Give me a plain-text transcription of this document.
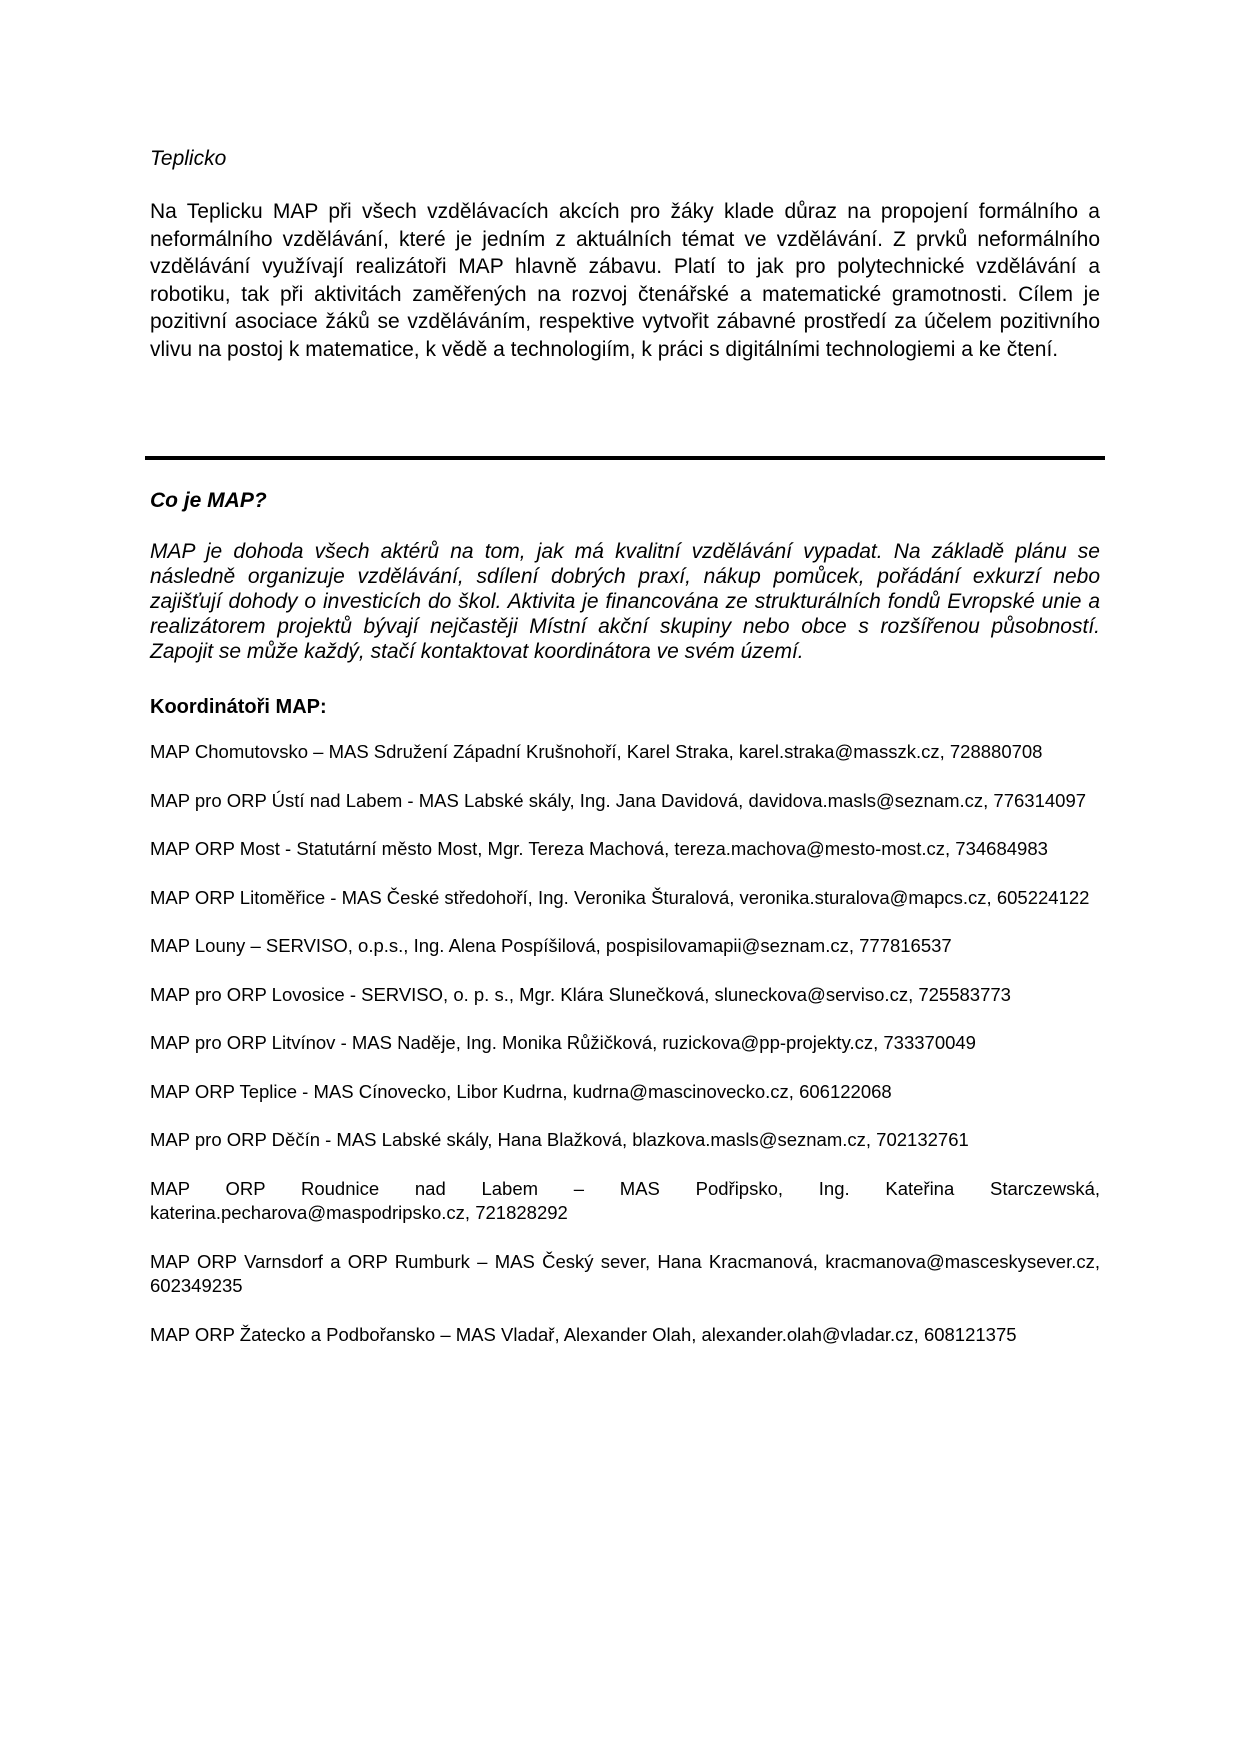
Teplicko

Na Teplicku MAP při všech vzdělávacích akcích pro žáky klade důraz na propojení formálního a neformálního vzdělávání, které je jedním z aktuálních témat ve vzdělávání. Z prvků neformálního vzdělávání využívají realizátoři MAP hlavně zábavu. Platí to jak pro polytechnické vzdělávání a robotiku, tak při aktivitách zaměřených na rozvoj čtenářské a matematické gramotnosti. Cílem je pozitivní asociace žáků se vzděláváním, respektive vytvořit zábavné prostředí za účelem pozitivního vlivu na postoj k matematice, k vědě a technologiím, k práci s digitálními technologiemi a ke čtení.

Co je MAP?

MAP je dohoda všech aktérů na tom, jak má kvalitní vzdělávání vypadat. Na základě plánu se následně organizuje vzdělávání, sdílení dobrých praxí, nákup pomůcek, pořádání exkurzí nebo zajišťují dohody o investicích do škol. Aktivita je financována ze strukturálních fondů Evropské unie a realizátorem projektů bývají nejčastěji Místní akční skupiny nebo obce s rozšířenou působností. Zapojit se může každý, stačí kontaktovat koordinátora ve svém území.

Koordinátoři MAP:

MAP Chomutovsko – MAS Sdružení Západní Krušnohoří, Karel Straka, karel.straka@masszk.cz, 728880708
MAP pro ORP Ústí nad Labem - MAS Labské skály, Ing. Jana Davidová, davidova.masls@seznam.cz, 776314097
MAP ORP Most - Statutární město Most, Mgr. Tereza Machová, tereza.machova@mesto-most.cz, 734684983
MAP ORP Litoměřice - MAS České středohoří, Ing. Veronika Šturalová, veronika.sturalova@mapcs.cz, 605224122
MAP Louny – SERVISO, o.p.s., Ing. Alena Pospíšilová, pospisilovamapii@seznam.cz, 777816537
MAP pro ORP Lovosice - SERVISO, o. p. s., Mgr. Klára Slunečková, sluneckova@serviso.cz, 725583773
MAP pro ORP Litvínov - MAS Naděje, Ing. Monika Růžičková, ruzickova@pp-projekty.cz, 733370049
MAP ORP Teplice - MAS Cínovecko, Libor Kudrna, kudrna@mascinovecko.cz, 606122068
MAP pro ORP Děčín - MAS Labské skály, Hana Blažková, blazkova.masls@seznam.cz, 702132761
MAP ORP Roudnice nad Labem – MAS Podřipsko, Ing. Kateřina Starczewská, katerina.pecharova@maspodripsko.cz, 721828292
MAP ORP Varnsdorf a ORP Rumburk – MAS Český sever, Hana Kracmanová, kracmanova@masceskysever.cz, 602349235
MAP ORP Žatecko a Podbořansko – MAS Vladař, Alexander Olah, alexander.olah@vladar.cz, 608121375
